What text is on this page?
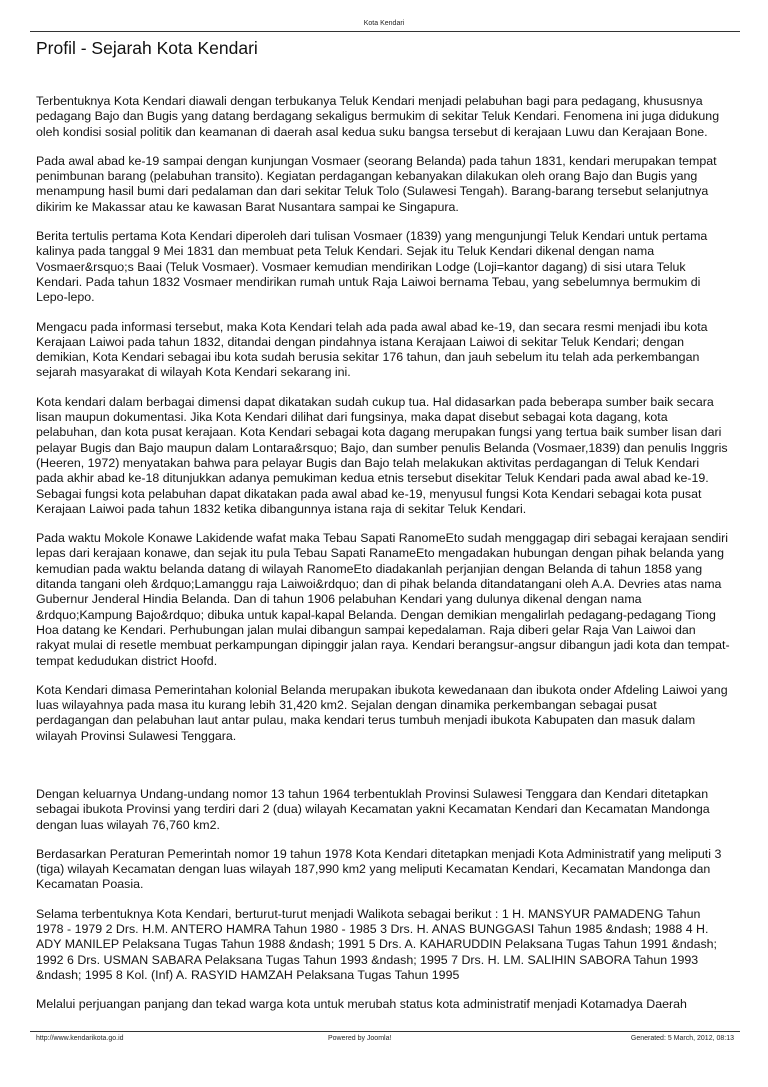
Kota Kendari
Profil - Sejarah Kota Kendari

Terbentuknya Kota Kendari diawali dengan terbukanya Teluk Kendari menjadi pelabuhan bagi para pedagang, khususnya pedagang Bajo dan Bugis yang datang berdagang sekaligus bermukim di sekitar Teluk Kendari. Fenomena ini juga didukung oleh kondisi sosial politik dan keamanan di daerah asal kedua suku bangsa tersebut di kerajaan Luwu dan Kerajaan Bone.

Pada awal abad ke-19 sampai dengan kunjungan Vosmaer (seorang Belanda) pada tahun 1831, kendari merupakan tempat penimbunan barang (pelabuhan transito). Kegiatan perdagangan kebanyakan dilakukan oleh orang Bajo dan Bugis yang menampung hasil bumi dari pedalaman dan dari sekitar Teluk Tolo (Sulawesi Tengah). Barang-barang tersebut selanjutnya dikirim ke Makassar atau ke kawasan Barat Nusantara sampai ke Singapura.

Berita tertulis pertama Kota Kendari diperoleh dari tulisan Vosmaer (1839) yang mengunjungi Teluk Kendari untuk pertama kalinya pada tanggal 9 Mei 1831 dan membuat peta Teluk Kendari. Sejak itu Teluk Kendari dikenal dengan nama Vosmaer&rsquo;s Baai (Teluk Vosmaer). Vosmaer kemudian mendirikan Lodge (Loji=kantor dagang) di sisi utara Teluk Kendari. Pada tahun 1832 Vosmaer mendirikan rumah untuk Raja Laiwoi bernama Tebau, yang sebelumnya bermukim di Lepo-lepo.

Mengacu pada informasi tersebut, maka Kota Kendari telah ada pada awal abad ke-19, dan secara resmi menjadi ibu kota Kerajaan Laiwoi pada tahun 1832, ditandai dengan pindahnya istana Kerajaan Laiwoi di sekitar Teluk Kendari; dengan demikian, Kota Kendari sebagai ibu kota sudah berusia sekitar 176 tahun, dan jauh sebelum itu telah ada perkembangan sejarah masyarakat di wilayah Kota Kendari sekarang ini.

Kota kendari dalam berbagai dimensi dapat dikatakan sudah cukup tua. Hal didasarkan pada beberapa sumber baik secara lisan maupun dokumentasi. Jika Kota Kendari dilihat dari fungsinya, maka dapat disebut sebagai kota dagang, kota pelabuhan, dan kota pusat kerajaan. Kota Kendari sebagai kota dagang merupakan fungsi yang tertua baik sumber lisan dari pelayar Bugis dan Bajo maupun dalam Lontara&rsquo; Bajo, dan sumber penulis Belanda (Vosmaer,1839) dan penulis Inggris (Heeren, 1972) menyatakan bahwa para pelayar Bugis dan Bajo telah melakukan aktivitas perdagangan di Teluk Kendari pada akhir abad ke-18 ditunjukkan adanya pemukiman kedua etnis tersebut disekitar Teluk Kendari pada awal abad ke-19. Sebagai fungsi kota pelabuhan dapat dikatakan pada awal abad ke-19, menyusul fungsi Kota Kendari sebagai kota pusat Kerajaan Laiwoi pada tahun 1832 ketika dibangunnya istana raja di sekitar Teluk Kendari.

Pada waktu Mokole Konawe Lakidende wafat maka Tebau Sapati RanomeEto sudah menggagap diri sebagai kerajaan sendiri lepas dari kerajaan konawe, dan sejak itu pula Tebau Sapati RanameEto mengadakan hubungan dengan pihak belanda yang kemudian pada waktu belanda datang di wilayah RanomeEto diadakanlah perjanjian dengan Belanda di tahun 1858 yang ditanda tangani oleh &rdquo;Lamanggu raja Laiwoi&rdquo; dan di pihak belanda ditandatangani oleh A.A. Devries atas nama Gubernur Jenderal Hindia Belanda. Dan di tahun 1906 pelabuhan Kendari yang dulunya dikenal dengan nama &rdquo;Kampung Bajo&rdquo; dibuka untuk kapal-kapal Belanda. Dengan demikian mengalirlah pedagang-pedagang Tiong Hoa datang ke Kendari. Perhubungan jalan mulai dibangun sampai kepedalaman. Raja diberi gelar Raja Van Laiwoi dan rakyat mulai di resetle membuat perkampungan dipinggir jalan raya. Kendari berangsur-angsur dibangun jadi kota dan tempat-tempat kedudukan district Hoofd.

Kota Kendari dimasa Pemerintahan kolonial Belanda merupakan ibukota kewedanaan dan ibukota onder Afdeling Laiwoi yang luas wilayahnya pada masa itu kurang lebih 31,420 km2. Sejalan dengan dinamika perkembangan sebagai pusat perdagangan dan pelabuhan laut antar pulau, maka kendari terus tumbuh menjadi ibukota Kabupaten dan masuk dalam wilayah Provinsi Sulawesi Tenggara.

Dengan keluarnya Undang-undang nomor 13 tahun 1964 terbentuklah Provinsi Sulawesi Tenggara dan Kendari ditetapkan sebagai ibukota Provinsi yang terdiri dari 2 (dua) wilayah Kecamatan yakni Kecamatan Kendari dan Kecamatan Mandonga dengan luas wilayah 76,760 km2.

Berdasarkan Peraturan Pemerintah nomor 19 tahun 1978 Kota Kendari ditetapkan menjadi Kota Administratif yang meliputi 3 (tiga) wilayah Kecamatan dengan luas wilayah 187,990 km2 yang meliputi Kecamatan Kendari, Kecamatan Mandonga dan Kecamatan Poasia.

Selama terbentuknya Kota Kendari, berturut-turut menjadi Walikota sebagai berikut : 1 H. MANSYUR PAMADENG Tahun 1978 - 1979 2 Drs. H.M. ANTERO HAMRA Tahun 1980 - 1985 3 Drs. H. ANAS BUNGGASI Tahun 1985 &ndash; 1988 4 H. ADY MANILEP Pelaksana Tugas Tahun 1988 &ndash; 1991 5 Drs. A. KAHARUDDIN Pelaksana Tugas Tahun 1991 &ndash; 1992 6 Drs. USMAN SABARA Pelaksana Tugas Tahun 1993 &ndash; 1995 7 Drs. H. LM. SALIHIN SABORA Tahun 1993 &ndash; 1995 8 Kol. (Inf) A. RASYID HAMZAH Pelaksana Tugas Tahun 1995

Melalui perjuangan panjang dan tekad warga kota untuk merubah status kota administratif menjadi Kotamadya Daerah

http://www.kendarikota.go.id	Powered by Joomla!	Generated: 5 March, 2012, 08:13
